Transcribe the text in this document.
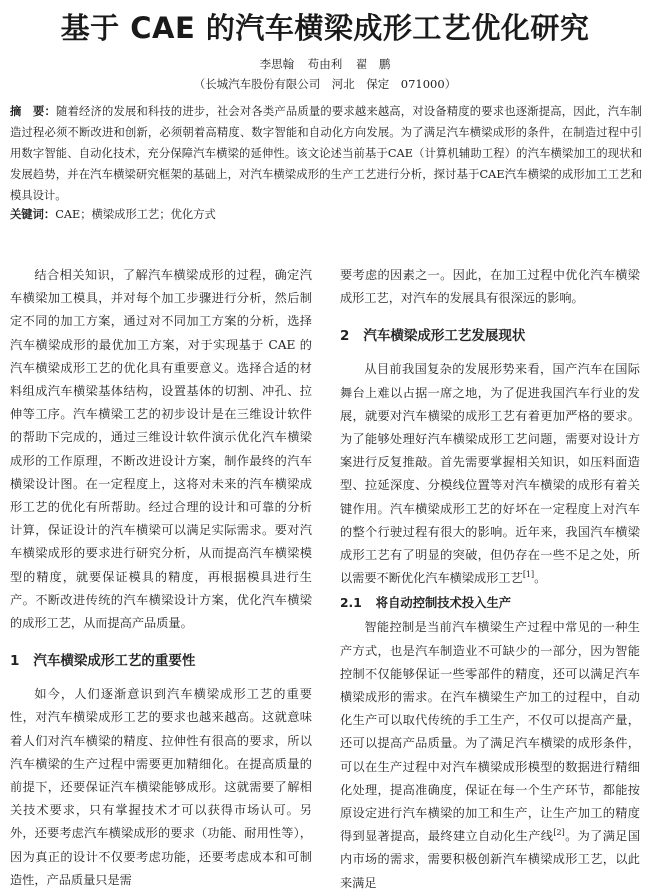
基于 CAE 的汽车横梁成形工艺优化研究
李思翰 苟由利 翟　鹏
（长城汽车股份有限公司　河北　保定　071000）
摘　要：随着经济的发展和科技的进步，社会对各类产品质量的要求越来越高，对设备精度的要求也逐渐提高，因此，汽车制造过程必须不断改进和创新，必须朝着高精度、数字智能和自动化方向发展。为了满足汽车横梁成形的条件，在制造过程中引用数字智能、自动化技术，充分保障汽车横梁的延伸性。该文论述当前基于CAE（计算机辅助工程）的汽车横梁加工的现状和发展趋势，并在汽车横梁研究框架的基础上，对汽车横梁成形的生产工艺进行分析，探讨基于CAE汽车横梁的成形加工工艺和模具设计。
关键词：CAE；横梁成形工艺；优化方式

结合相关知识，了解汽车横梁成形的过程，确定汽车横梁加工模具，并对每个加工步骤进行分析，然后制定不同的加工方案，通过对不同加工方案的分析，选择汽车横梁成形的最优加工方案，对于实现基于 CAE 的汽车横梁成形工艺的优化具有重要意义。选择合适的材料组成汽车横梁基体结构，设置基体的切割、冲孔、拉伸等工序。汽车横梁工艺的初步设计是在三维设计软件的帮助下完成的，通过三维设计软件演示优化汽车横梁成形的工作原理，不断改进设计方案，制作最终的汽车横梁设计图。在一定程度上，这将对未来的汽车横梁成形工艺的优化有所帮助。经过合理的设计和可靠的分析计算，保证设计的汽车横梁可以满足实际需求。要对汽车横梁成形的要求进行研究分析，从而提高汽车横梁模型的精度，就要保证模具的精度，再根据模具进行生产。不断改进传统的汽车横梁设计方案，优化汽车横梁的成形工艺，从而提高产品质量。

1 汽车横梁成形工艺的重要性

如今，人们逐渐意识到汽车横梁成形工艺的重要性，对汽车横梁成形工艺的要求也越来越高。这就意味着人们对汽车横梁的精度、拉伸性有很高的要求，所以汽车横梁的生产过程中需要更加精细化。在提高质量的前提下，还要保证汽车横梁能够成形。这就需要了解相关技术要求，只有掌握技术才可以获得市场认可。另外，还要考虑汽车横梁成形的要求（功能、耐用性等），因为真正的设计不仅要考虑功能，还要考虑成本和可制造性，产品质量只是需

要考虑的因素之一。因此，在加工过程中优化汽车横梁成形工艺，对汽车的发展具有很深远的影响。

2 汽车横梁成形工艺发展现状

从目前我国复杂的发展形势来看，国产汽车在国际舞台上难以占据一席之地，为了促进我国汽车行业的发展，就要对汽车横梁的成形工艺有着更加严格的要求。为了能够处理好汽车横梁成形工艺问题，需要对设计方案进行反复推敲。首先需要掌握相关知识，如压料面造型、拉延深度、分模线位置等对汽车横梁的成形有着关键作用。汽车横梁成形工艺的好坏在一定程度上对汽车的整个行驶过程有很大的影响。近年来，我国汽车横梁成形工艺有了明显的突破，但仍存在一些不足之处，所以需要不断优化汽车横梁成形工艺[1]。

2.1 将自动控制技术投入生产

智能控制是当前汽车横梁生产过程中常见的一种生产方式，也是汽车制造业不可缺少的一部分，因为智能控制不仅能够保证一些零部件的精度，还可以满足汽车横梁成形的需求。在汽车横梁生产加工的过程中，自动化生产可以取代传统的手工生产，不仅可以提高产量，还可以提高产品质量。为了满足汽车横梁的成形条件，可以在生产过程中对汽车横梁成形模型的数据进行精细化处理，提高准确度，保证在每一个生产环节，都能按原设定进行汽车横梁的加工和生产，让生产加工的精度得到显著提高，最终建立自动化生产线[2]。为了满足国内市场的需求，需要积极创新汽车横梁成形工艺，以此来满足
